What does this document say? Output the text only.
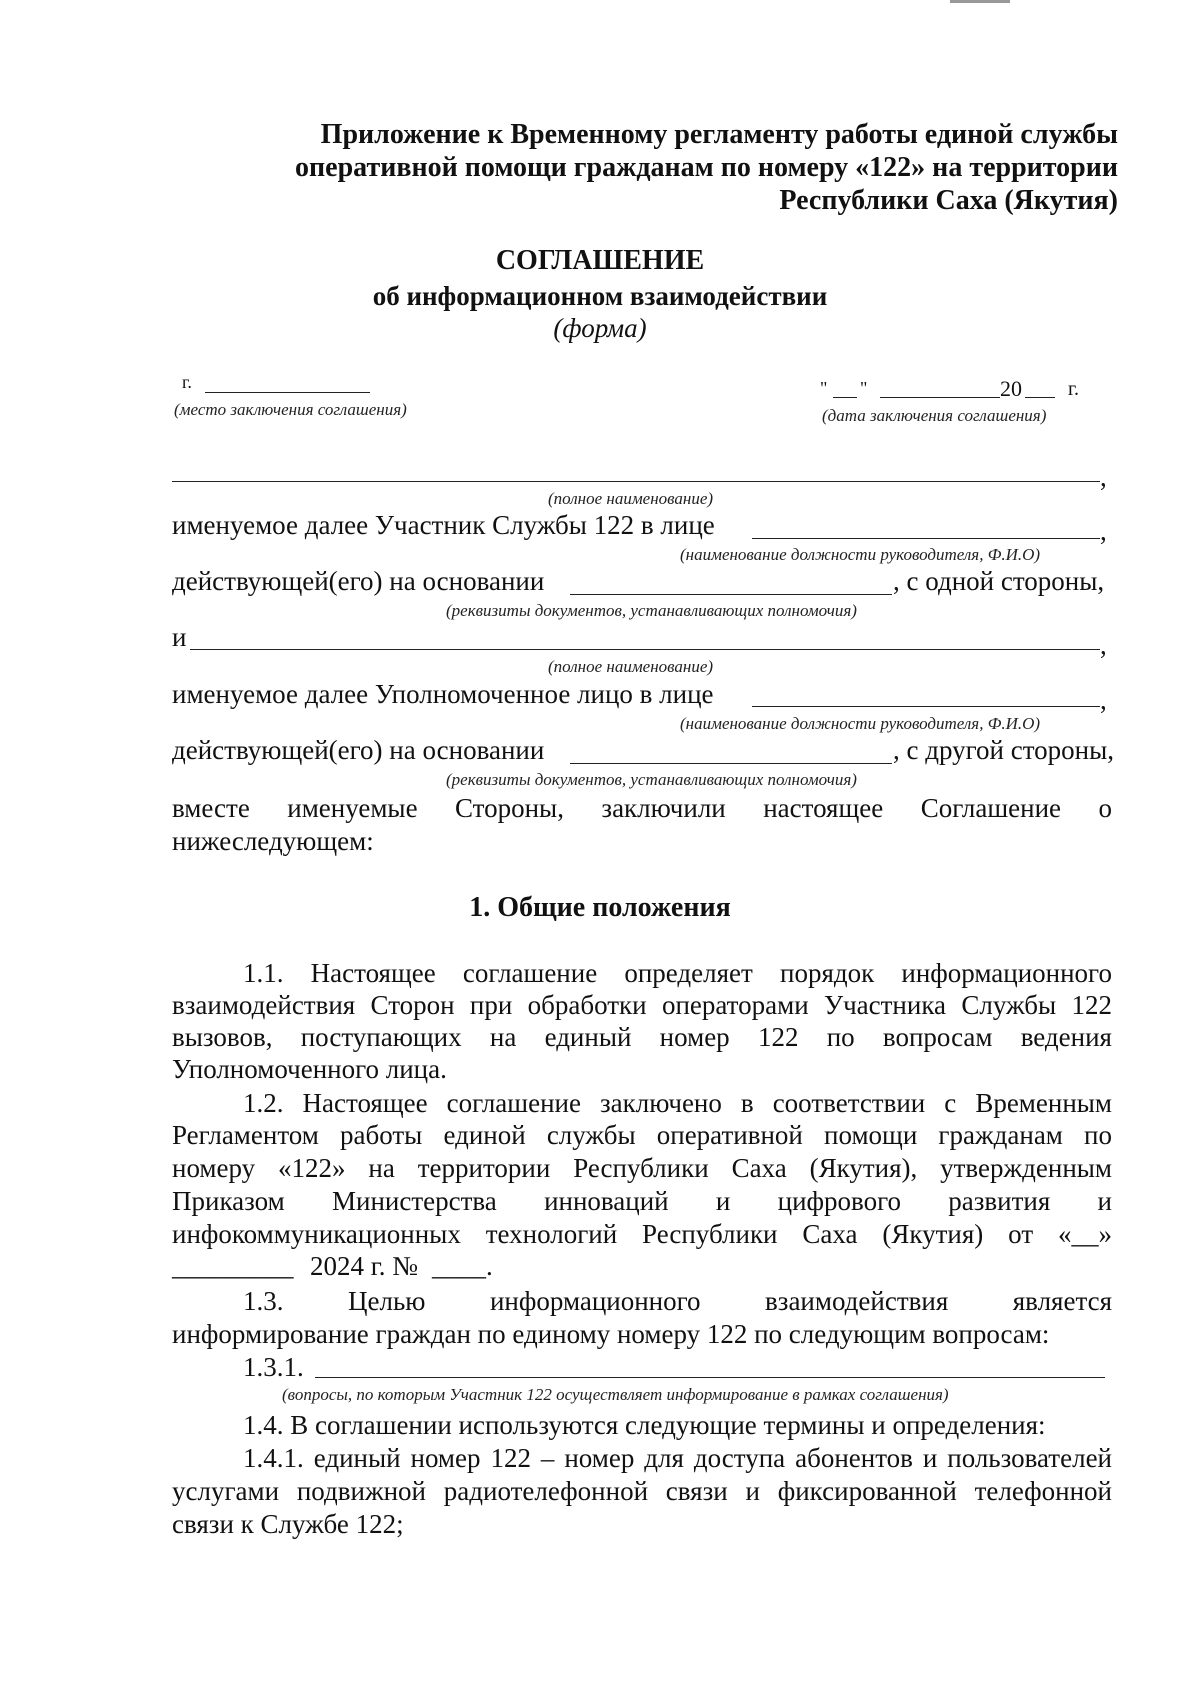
Приложение к Временному регламенту работы единой службы
оперативной помощи гражданам по номеру «122» на территории
Республики Саха (Якутия)
СОГЛАШЕНИЕ
об информационном взаимодействии
(форма)
г.
(место заключения соглашения)
" "	20 г.
(дата заключения соглашения)
,
(полное наименование)
именуемое далее Участник Службы 122 в лице	,
(наименование должности руководителя, Ф.И.О)
действующей(его) на основании	, с одной стороны,
(реквизиты документов, устанавливающих полномочия)
и	,
(полное наименование)
именуемое далее Уполномоченное лицо в лице	,
(наименование должности руководителя, Ф.И.О)
действующей(его) на основании	, с другой стороны,
(реквизиты документов, устанавливающих полномочия)
вместе именуемые Стороны, заключили настоящее Соглашение о
нижеследующем:
1. Общие положения
1.1. Настоящее соглашение определяет порядок информационного
взаимодействия Сторон при обработки операторами Участника Службы 122
вызовов, поступающих на единый номер 122 по вопросам ведения
Уполномоченного лица.
1.2. Настоящее соглашение заключено в соответствии с Временным
Регламентом работы единой службы оперативной помощи гражданам по
номеру «122» на территории Республики Саха (Якутия), утвержденным
Приказом Министерства инноваций и цифрового развития и
инфокоммуникационных технологий Республики Саха (Якутия) от «__»
_________ 2024 г. № ____.
1.3. Целью информационного взаимодействия является
информирование граждан по единому номеру 122 по следующим вопросам:
1.3.1.
(вопросы, по которым Участник 122 осуществляет информирование в рамках соглашения)
1.4. В соглашении используются следующие термины и определения:
1.4.1. единый номер 122 – номер для доступа абонентов и пользователей
услугами подвижной радиотелефонной связи и фиксированной телефонной
связи к Службе 122;
